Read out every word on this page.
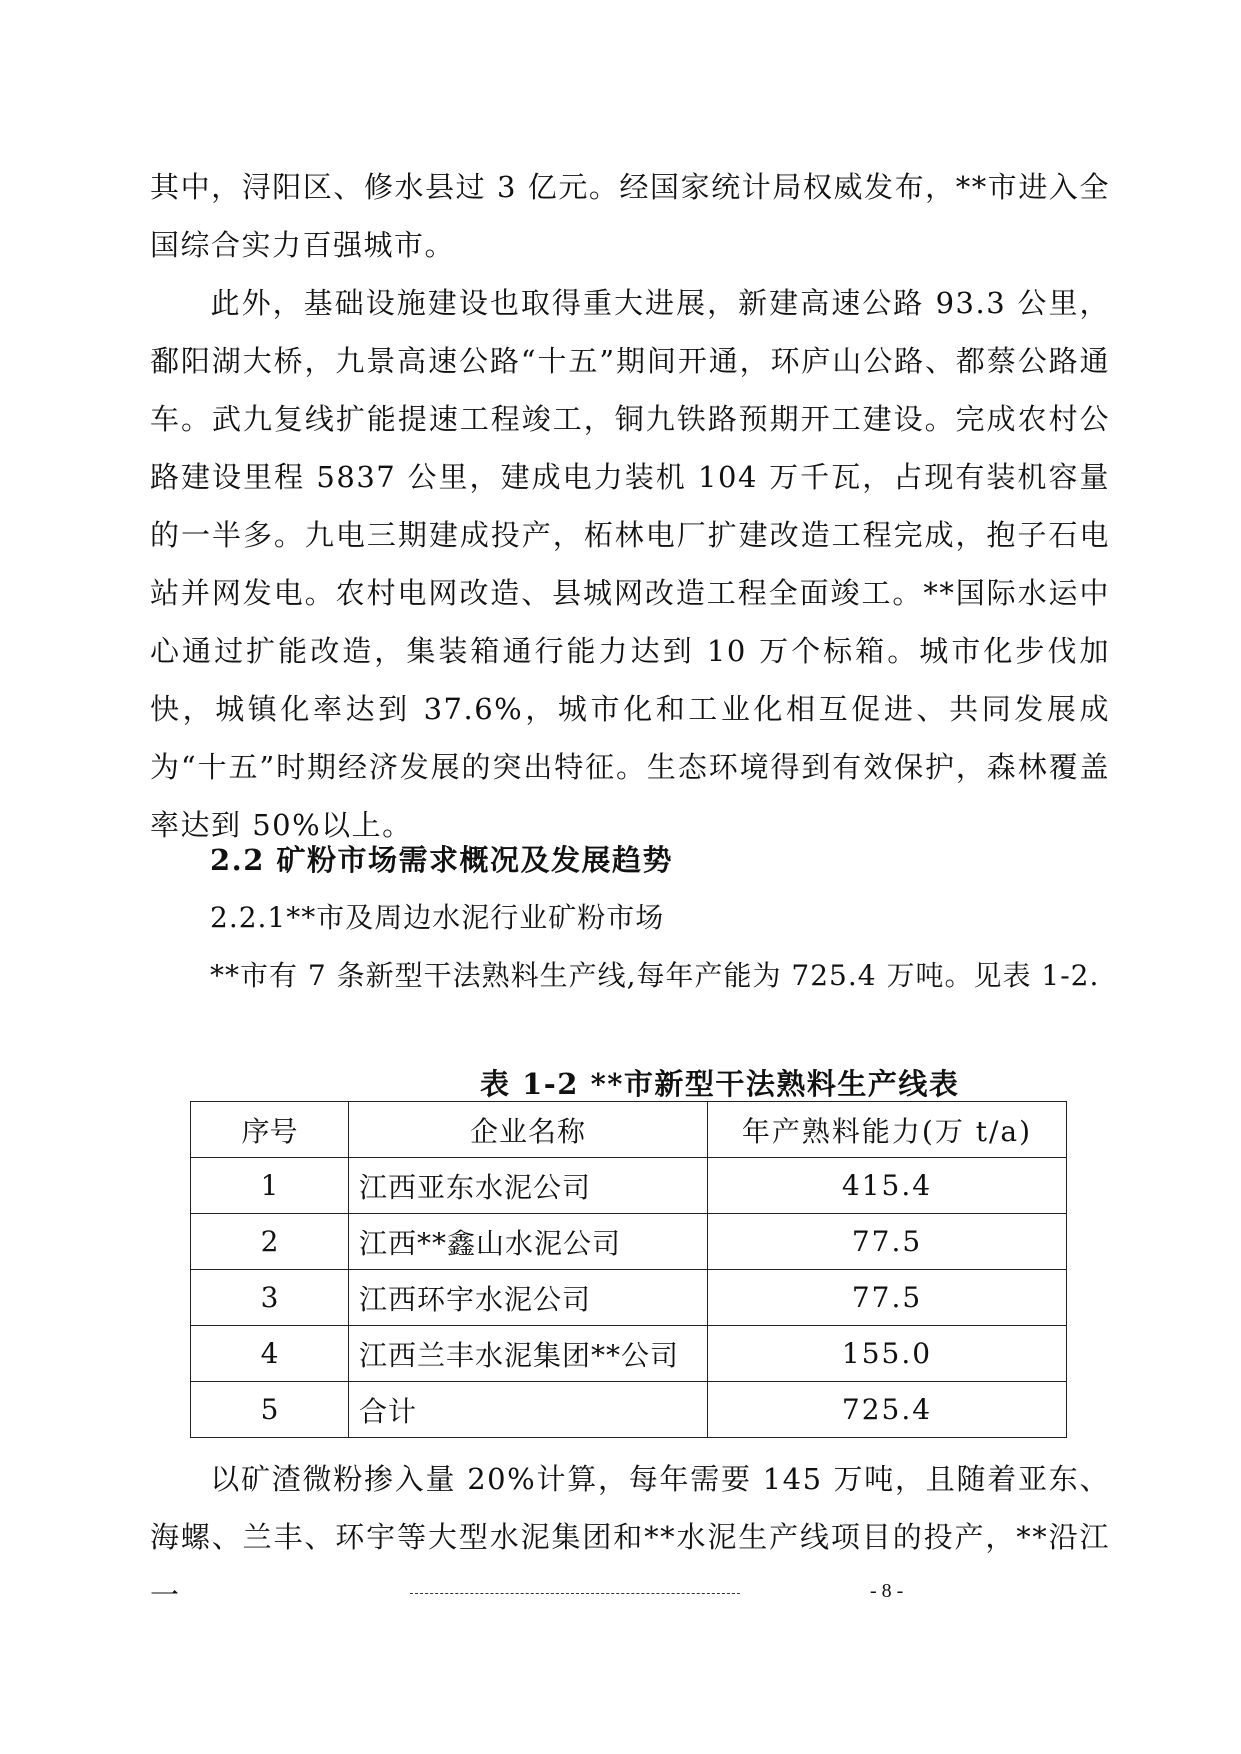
其中，浔阳区、修水县过 3 亿元。经国家统计局权威发布，**市进入全国综合实力百强城市。
此外，基础设施建设也取得重大进展，新建高速公路 93.3 公里，鄱阳湖大桥，九景高速公路“十五”期间开通，环庐山公路、都蔡公路通车。武九复线扩能提速工程竣工，铜九铁路预期开工建设。完成农村公路建设里程 5837 公里，建成电力装机 104 万千瓦，占现有装机容量的一半多。九电三期建成投产，柘林电厂扩建改造工程完成，抱子石电站并网发电。农村电网改造、县城网改造工程全面竣工。**国际水运中心通过扩能改造，集装箱通行能力达到 10 万个标箱。城市化步伐加快，城镇化率达到 37.6%，城市化和工业化相互促进、共同发展成为“十五”时期经济发展的突出特征。生态环境得到有效保护，森林覆盖率达到 50%以上。
2.2 矿粉市场需求概况及发展趋势
2.2.1**市及周边水泥行业矿粉市场
**市有 7 条新型干法熟料生产线,每年产能为 725.4 万吨。见表 1-2.
表 1-2 **市新型干法熟料生产线表
序号	企业名称	年产熟料能力(万 t/a)
1	江西亚东水泥公司	415.4
2	江西**鑫山水泥公司	77.5
3	江西环宇水泥公司	77.5
4	江西兰丰水泥集团**公司	155.0
5	合计	725.4
以矿渣微粉掺入量 20%计算，每年需要 145 万吨，且随着亚东、海螺、兰丰、环宇等大型水泥集团和**水泥生产线项目的投产，**沿江一	- 8 -
